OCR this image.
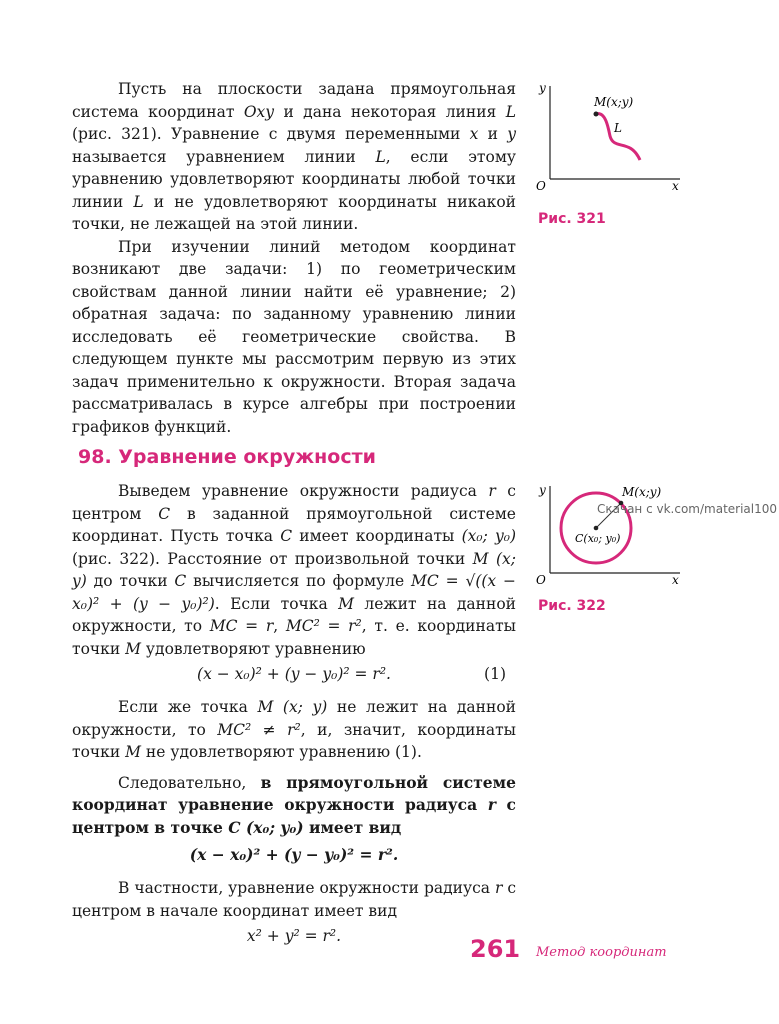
Пусть на плоскости задана прямоугольная система координат Oxy и дана некоторая линия L (рис. 321). Уравнение с двумя переменными x и y называется уравнением линии L, если этому уравнению удовлетворяют координаты любой точки линии L и не удовлетворяют координаты никакой точки, не лежащей на этой линии.

При изучении линий методом координат возникают две задачи: 1) по геометрическим свойствам данной линии найти её уравнение; 2) обратная задача: по заданному уравнению линии исследовать её геометрические свойства. В следующем пункте мы рассмотрим первую из этих задач применительно к окружности. Вторая задача рассматривалась в курсе алгебры при построении графиков функций.

98. Уравнение окружности

Выведем уравнение окружности радиуса r с центром C в заданной прямоугольной системе координат. Пусть точка C имеет координаты (x₀; y₀) (рис. 322). Расстояние от произвольной точки M (x; y) до точки C вычисляется по формуле MC = √((x − x₀)² + (y − y₀)²). Если точка M лежит на данной окружности, то MC = r, MC² = r², т. е. координаты точки M удовлетворяют уравнению

(x − x₀)² + (y − y₀)² = r².	(1)

Если же точка M (x; y) не лежит на данной окружности, то MC² ≠ r², и, значит, координаты точки M не удовлетворяют уравнению (1).

Следовательно, в прямоугольной системе координат уравнение окружности радиуса r с центром в точке C (x₀; y₀) имеет вид

(x − x₀)² + (y − y₀)² = r².

В частности, уравнение окружности радиуса r с центром в начале координат имеет вид

x² + y² = r².
y
x
O
M(x;y)
L
Рис. 321
y
x
O
M(x;y)
C(x₀; y₀)
Рис. 322
Скачан с vk.com/material100
261 Метод координат
